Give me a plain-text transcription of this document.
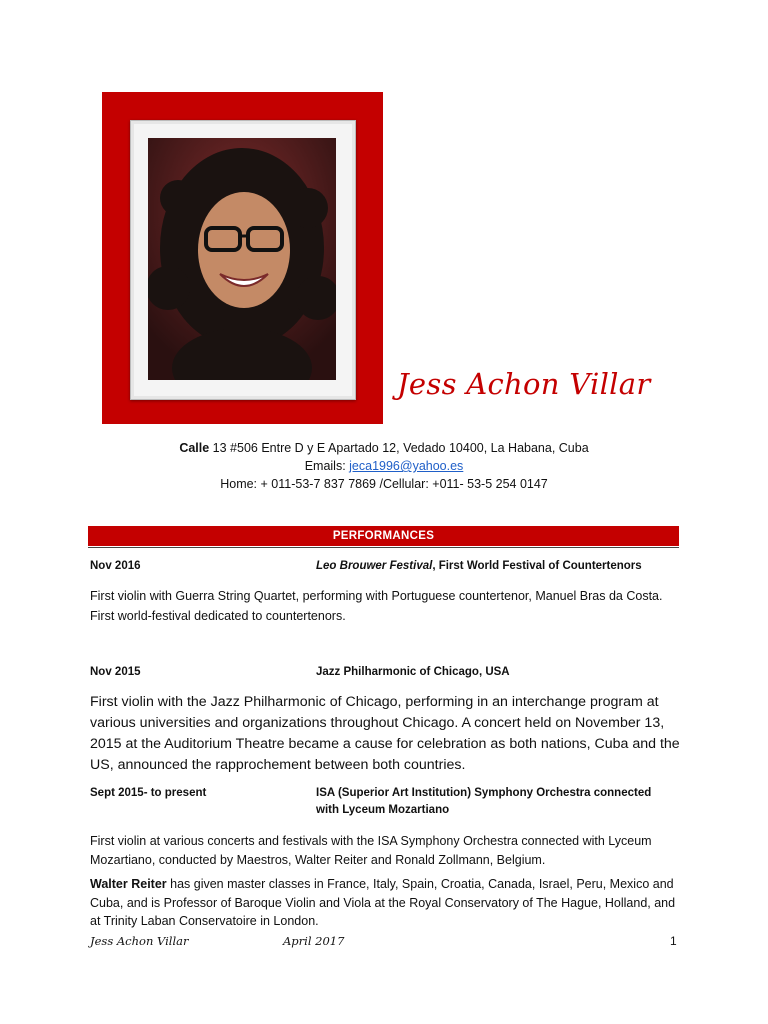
Jess Achon Villar
Calle 13 #506 Entre D y E Apartado 12, Vedado 10400, La Habana, Cuba
Emails: jeca1996@yahoo.es
Home: + 011-53-7 837 7869 /Cellular: +011- 53-5 254 0147
PERFORMANCES
Nov 2016	Leo Brouwer Festival, First World Festival of Countertenors
First violin with Guerra String Quartet, performing with Portuguese countertenor, Manuel Bras da Costa. First world-festival dedicated to countertenors.
Nov 2015	Jazz Philharmonic of Chicago, USA
First violin with the Jazz Philharmonic of Chicago, performing in an interchange program at various universities and organizations throughout Chicago. A concert held on November 13, 2015 at the Auditorium Theatre became a cause for celebration as both nations, Cuba and the US, announced the rapprochement between both countries.
Sept 2015- to present	ISA (Superior Art Institution) Symphony Orchestra connected with Lyceum Mozartiano
First violin at various concerts and festivals with the ISA Symphony Orchestra connected with Lyceum Mozartiano, conducted by Maestros, Walter Reiter and Ronald Zollmann, Belgium.
Walter Reiter has given master classes in France, Italy, Spain, Croatia, Canada, Israel, Peru, Mexico and Cuba, and is Professor of Baroque Violin and Viola at the Royal Conservatory of The Hague, Holland, and at Trinity Laban Conservatoire in London.
Jess Achon Villar	April 2017	1
